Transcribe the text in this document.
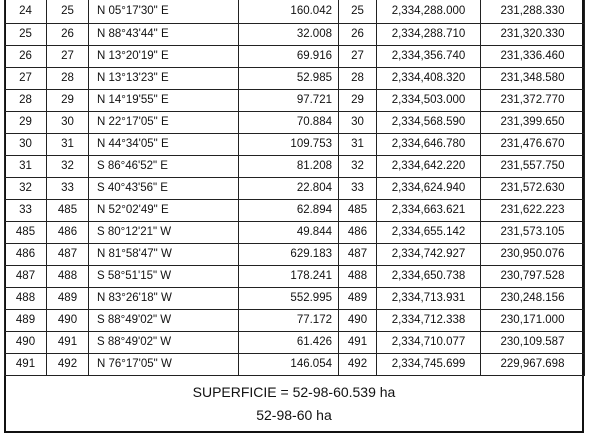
24	25	N 05°17'30" E	160.042	25	2,334,288.000	231,288.330
25	26	N 88°43'44" E	32.008	26	2,334,288.710	231,320.330
26	27	N 13°20'19" E	69.916	27	2,334,356.740	231,336.460
27	28	N 13°13'23" E	52.985	28	2,334,408.320	231,348.580
28	29	N 14°19'55" E	97.721	29	2,334,503.000	231,372.770
29	30	N 22°17'05" E	70.884	30	2,334,568.590	231,399.650
30	31	N 44°34'05" E	109.753	31	2,334,646.780	231,476.670
31	32	S 86°46'52" E	81.208	32	2,334,642.220	231,557.750
32	33	S 40°43'56" E	22.804	33	2,334,624.940	231,572.630
33	485	N 52°02'49" E	62.894	485	2,334,663.621	231,622.223
485	486	S 80°12'21" W	49.844	486	2,334,655.142	231,573.105
486	487	N 81°58'47" W	629.183	487	2,334,742.927	230,950.076
487	488	S 58°51'15" W	178.241	488	2,334,650.738	230,797.528
488	489	N 83°26'18" W	552.995	489	2,334,713.931	230,248.156
489	490	S 88°49'02" W	77.172	490	2,334,712.338	230,171.000
490	491	S 88°49'02" W	61.426	491	2,334,710.077	230,109.587
491	492	N 76°17'05" W	146.054	492	2,334,745.699	229,967.698
SUPERFICIE = 52-98-60.539 ha
52-98-60 ha
